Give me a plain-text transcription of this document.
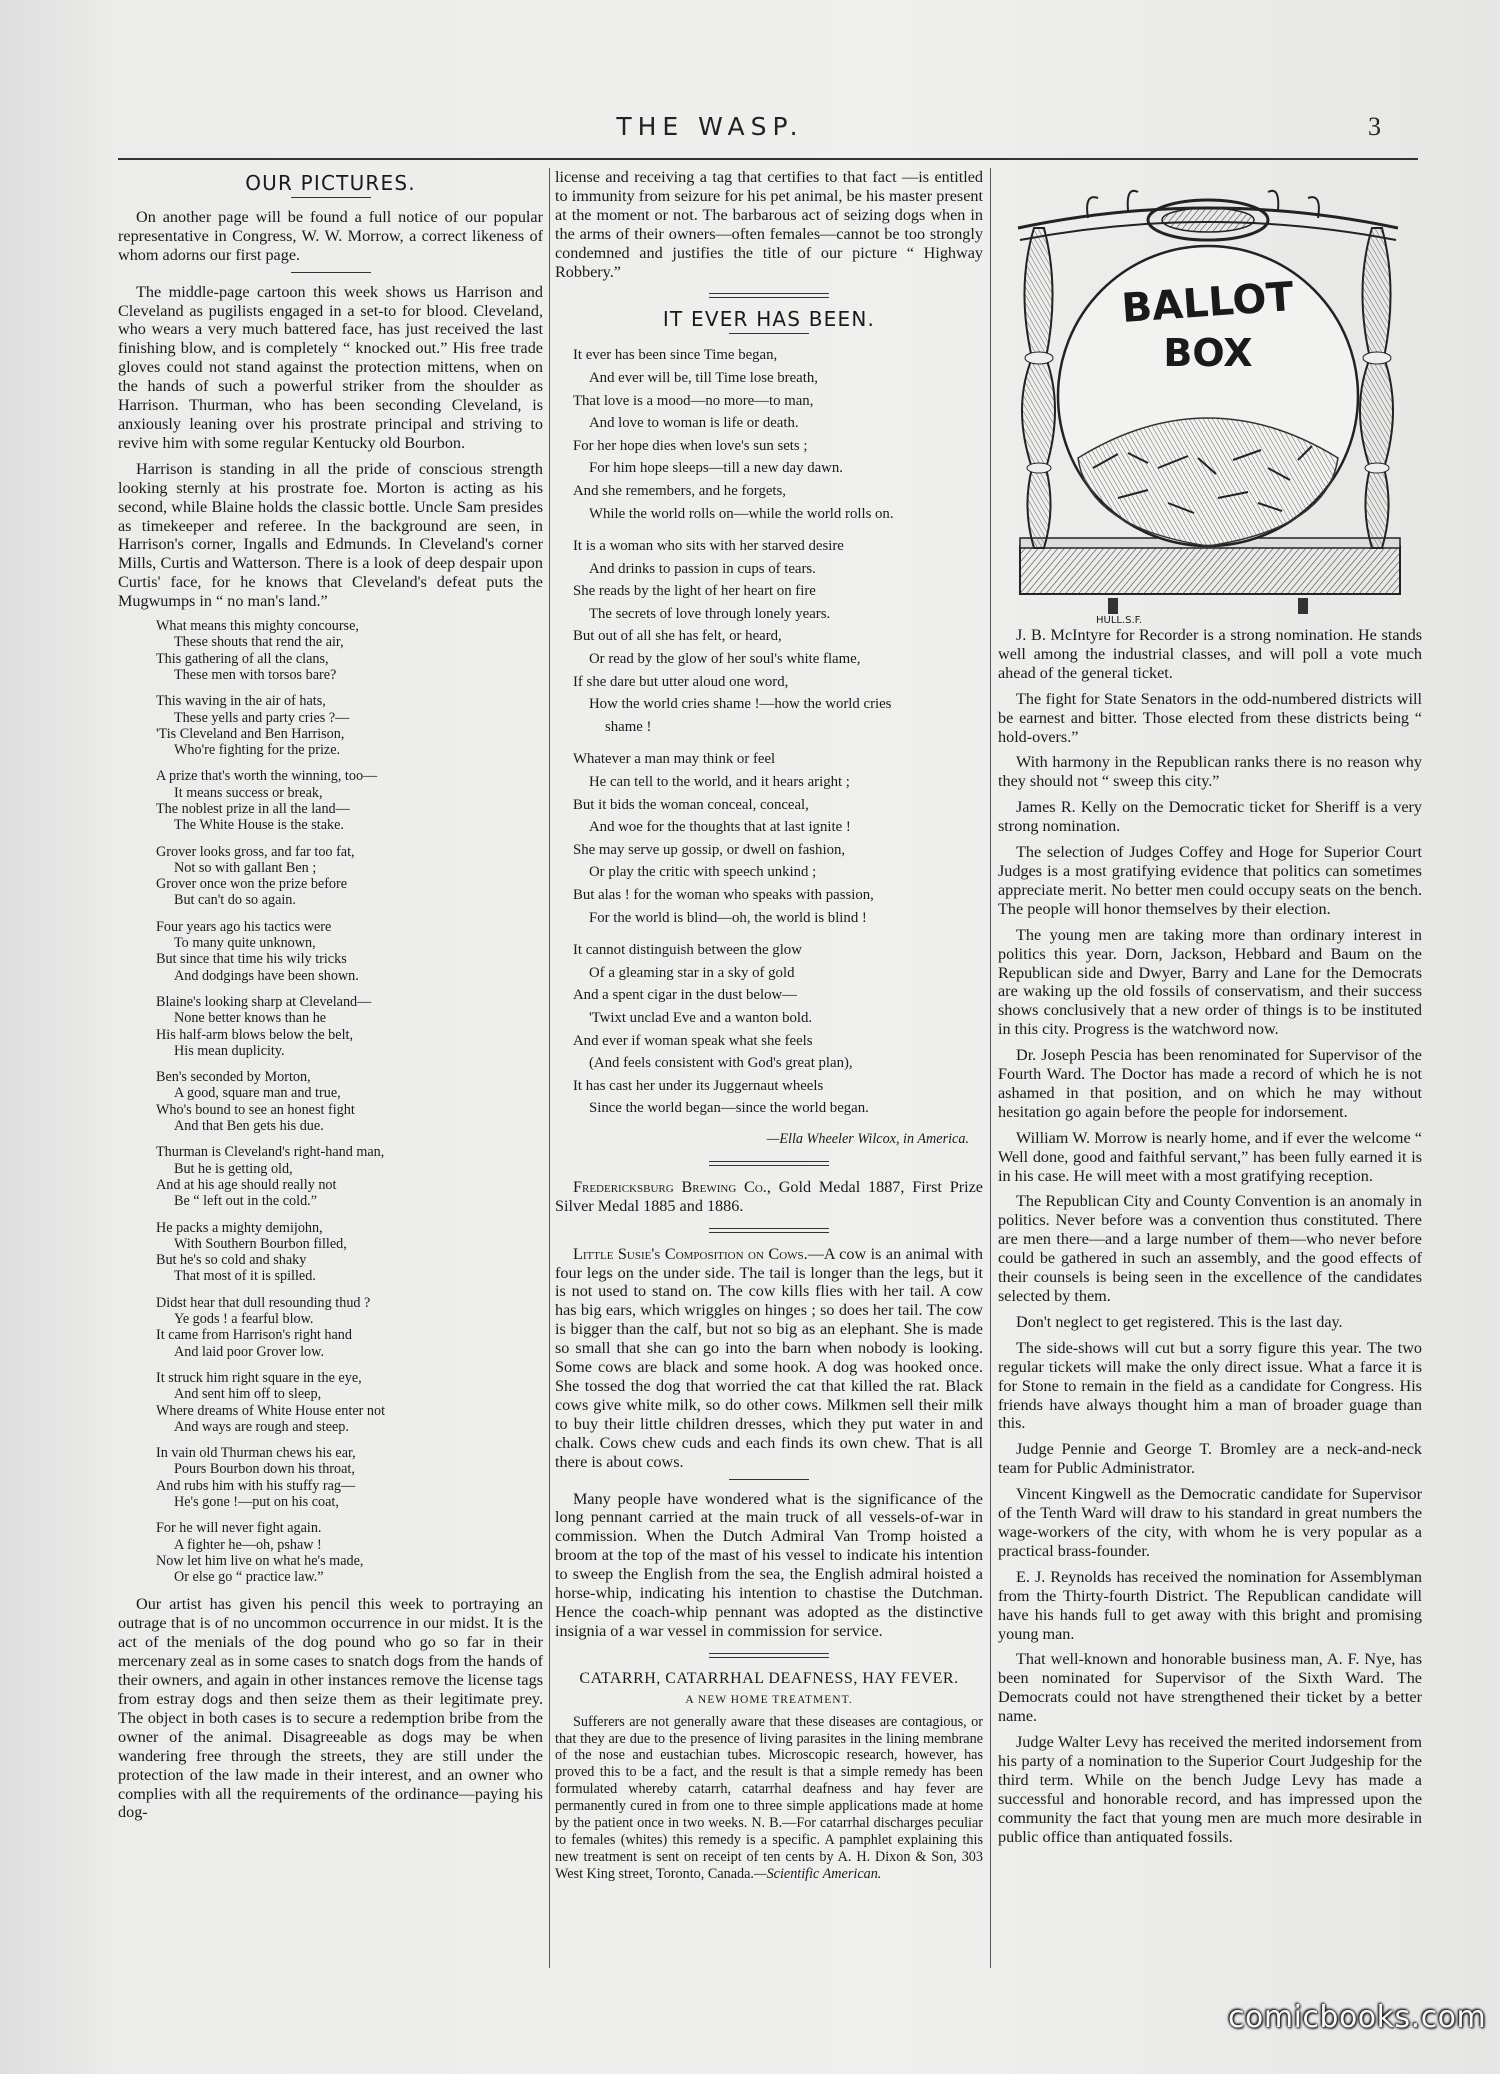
THE WASP.	3
OUR PICTURES.

On another page will be found a full notice of our popular representative in Congress, W. W. Morrow, a correct likeness of whom adorns our first page.

The middle-page cartoon this week shows us Harrison and Cleveland as pugilists engaged in a set-to for blood. Cleveland, who wears a very much battered face, has just received the last finishing blow, and is completely “ knocked out.” His free trade gloves could not stand against the protection mittens, when on the hands of such a powerful striker from the shoulder as Harrison. Thurman, who has been seconding Cleveland, is anxiously leaning over his prostrate principal and striving to revive him with some regular Kentucky old Bourbon.

Harrison is standing in all the pride of conscious strength looking sternly at his prostrate foe. Morton is acting as his second, while Blaine holds the classic bottle. Uncle Sam presides as timekeeper and referee. In the background are seen, in Harrison's corner, Ingalls and Edmunds. In Cleveland's corner Mills, Curtis and Watterson. There is a look of deep despair upon Curtis' face, for he knows that Cleveland's defeat puts the Mugwumps in “ no man's land.”

What means this mighty concourse,
These shouts that rend the air,
This gathering of all the clans,
These men with torsos bare?
This waving in the air of hats,
These yells and party cries ?—
'Tis Cleveland and Ben Harrison,
Who're fighting for the prize.
A prize that's worth the winning, too—
It means success or break,
The noblest prize in all the land—
The White House is the stake.
Grover looks gross, and far too fat,
Not so with gallant Ben ;
Grover once won the prize before
But can't do so again.
Four years ago his tactics were
To many quite unknown,
But since that time his wily tricks
And dodgings have been shown.
Blaine's looking sharp at Cleveland—
None better knows than he
His half-arm blows below the belt,
His mean duplicity.
Ben's seconded by Morton,
A good, square man and true,
Who's bound to see an honest fight
And that Ben gets his due.
Thurman is Cleveland's right-hand man,
But he is getting old,
And at his age should really not
Be “ left out in the cold.”
He packs a mighty demijohn,
With Southern Bourbon filled,
But he's so cold and shaky
That most of it is spilled.
Didst hear that dull resounding thud ?
Ye gods ! a fearful blow.
It came from Harrison's right hand
And laid poor Grover low.
It struck him right square in the eye,
And sent him off to sleep,
Where dreams of White House enter not
And ways are rough and steep.
In vain old Thurman chews his ear,
Pours Bourbon down his throat,
And rubs him with his stuffy rag—
He's gone !—put on his coat,
For he will never fight again.
A fighter he—oh, pshaw !
Now let him live on what he's made,
Or else go “ practice law.”

Our artist has given his pencil this week to portraying an outrage that is of no uncommon occurrence in our midst. It is the act of the menials of the dog pound who go so far in their mercenary zeal as in some cases to snatch dogs from the hands of their owners, and again in other instances remove the license tags from estray dogs and then seize them as their legitimate prey. The object in both cases is to secure a redemption bribe from the owner of the animal. Disagreeable as dogs may be when wandering free through the streets, they are still under the protection of the law made in their interest, and an owner who complies with all the requirements of the ordinance—paying his dog-

license and receiving a tag that certifies to that fact —is entitled to immunity from seizure for his pet animal, be his master present at the moment or not. The barbarous act of seizing dogs when in the arms of their owners—often females—cannot be too strongly condemned and justifies the title of our picture “ Highway Robbery.”

IT EVER HAS BEEN.
It ever has been since Time began,
And ever will be, till Time lose breath,
That love is a mood—no more—to man,
And love to woman is life or death.
For her hope dies when love's sun sets ;
For him hope sleeps—till a new day dawn.
And she remembers, and he forgets,
While the world rolls on—while the world rolls on.
It is a woman who sits with her starved desire
And drinks to passion in cups of tears.
She reads by the light of her heart on fire
The secrets of love through lonely years.
But out of all she has felt, or heard,
Or read by the glow of her soul's white flame,
If she dare but utter aloud one word,
How the world cries shame !—how the world cries
shame !
Whatever a man may think or feel
He can tell to the world, and it hears aright ;
But it bids the woman conceal, conceal,
And woe for the thoughts that at last ignite !
She may serve up gossip, or dwell on fashion,
Or play the critic with speech unkind ;
But alas ! for the woman who speaks with passion,
For the world is blind—oh, the world is blind !
It cannot distinguish between the glow
Of a gleaming star in a sky of gold
And a spent cigar in the dust below—
'Twixt unclad Eve and a wanton bold.
And ever if woman speak what she feels
(And feels consistent with God's great plan),
It has cast her under its Juggernaut wheels
Since the world began—since the world began.
—Ella Wheeler Wilcox, in America.

Fredericksburg Brewing Co., Gold Medal 1887, First Prize Silver Medal 1885 and 1886.

Little Susie's Composition on Cows.—A cow is an animal with four legs on the under side. The tail is longer than the legs, but it is not used to stand on. The cow kills flies with her tail. A cow has big ears, which wriggles on hinges ; so does her tail. The cow is bigger than the calf, but not so big as an elephant. She is made so small that she can go into the barn when nobody is looking. Some cows are black and some hook. A dog was hooked once. She tossed the dog that worried the cat that killed the rat. Black cows give white milk, so do other cows. Milkmen sell their milk to buy their little children dresses, which they put water in and chalk. Cows chew cuds and each finds its own chew. That is all there is about cows.

Many people have wondered what is the significance of the long pennant carried at the main truck of all vessels-of-war in commission. When the Dutch Admiral Van Tromp hoisted a broom at the top of the mast of his vessel to indicate his intention to sweep the English from the sea, the English admiral hoisted a horse-whip, indicating his intention to chastise the Dutchman. Hence the coach-whip pennant was adopted as the distinctive insignia of a war vessel in commission for service.

CATARRH, CATARRHAL DEAFNESS, HAY FEVER.
A NEW HOME TREATMENT.

Sufferers are not generally aware that these diseases are contagious, or that they are due to the presence of living parasites in the lining membrane of the nose and eustachian tubes. Microscopic research, however, has proved this to be a fact, and the result is that a simple remedy has been formulated whereby catarrh, catarrhal deafness and hay fever are permanently cured in from one to three simple applications made at home by the patient once in two weeks. N. B.—For catarrhal discharges peculiar to females (whites) this remedy is a specific. A pamphlet explaining this new treatment is sent on receipt of ten cents by A. H. Dixon & Son, 303 West King street, Toronto, Canada.—Scientific American.

BALLOT
BOX
HULL.S.F.

J. B. McIntyre for Recorder is a strong nomination. He stands well among the industrial classes, and will poll a vote much ahead of the general ticket.

The fight for State Senators in the odd-numbered districts will be earnest and bitter. Those elected from these districts being “ hold-overs.”

With harmony in the Republican ranks there is no reason why they should not “ sweep this city.”

James R. Kelly on the Democratic ticket for Sheriff is a very strong nomination.

The selection of Judges Coffey and Hoge for Superior Court Judges is a most gratifying evidence that politics can sometimes appreciate merit. No better men could occupy seats on the bench. The people will honor themselves by their election.

The young men are taking more than ordinary interest in politics this year. Dorn, Jackson, Hebbard and Baum on the Republican side and Dwyer, Barry and Lane for the Democrats are waking up the old fossils of conservatism, and their success shows conclusively that a new order of things is to be instituted in this city. Progress is the watchword now.

Dr. Joseph Pescia has been renominated for Supervisor of the Fourth Ward. The Doctor has made a record of which he is not ashamed in that position, and on which he may without hesitation go again before the people for indorsement.

William W. Morrow is nearly home, and if ever the welcome “ Well done, good and faithful servant,” has been fully earned it is in his case. He will meet with a most gratifying reception.

The Republican City and County Convention is an anomaly in politics. Never before was a convention thus constituted. There are men there—and a large number of them—who never before could be gathered in such an assembly, and the good effects of their counsels is being seen in the excellence of the candidates selected by them.

Don't neglect to get registered. This is the last day.

The side-shows will cut but a sorry figure this year. The two regular tickets will make the only direct issue. What a farce it is for Stone to remain in the field as a candidate for Congress. His friends have always thought him a man of broader guage than this.

Judge Pennie and George T. Bromley are a neck-and-neck team for Public Administrator.

Vincent Kingwell as the Democratic candidate for Supervisor of the Tenth Ward will draw to his standard in great numbers the wage-workers of the city, with whom he is very popular as a practical brass-founder.

E. J. Reynolds has received the nomination for Assemblyman from the Thirty-fourth District. The Republican candidate will have his hands full to get away with this bright and promising young man.

That well-known and honorable business man, A. F. Nye, has been nominated for Supervisor of the Sixth Ward. The Democrats could not have strengthened their ticket by a better name.

Judge Walter Levy has received the merited indorsement from his party of a nomination to the Superior Court Judgeship for the third term. While on the bench Judge Levy has made a successful and honorable record, and has impressed upon the community the fact that young men are much more desirable in public office than antiquated fossils.

comicbooks.com
